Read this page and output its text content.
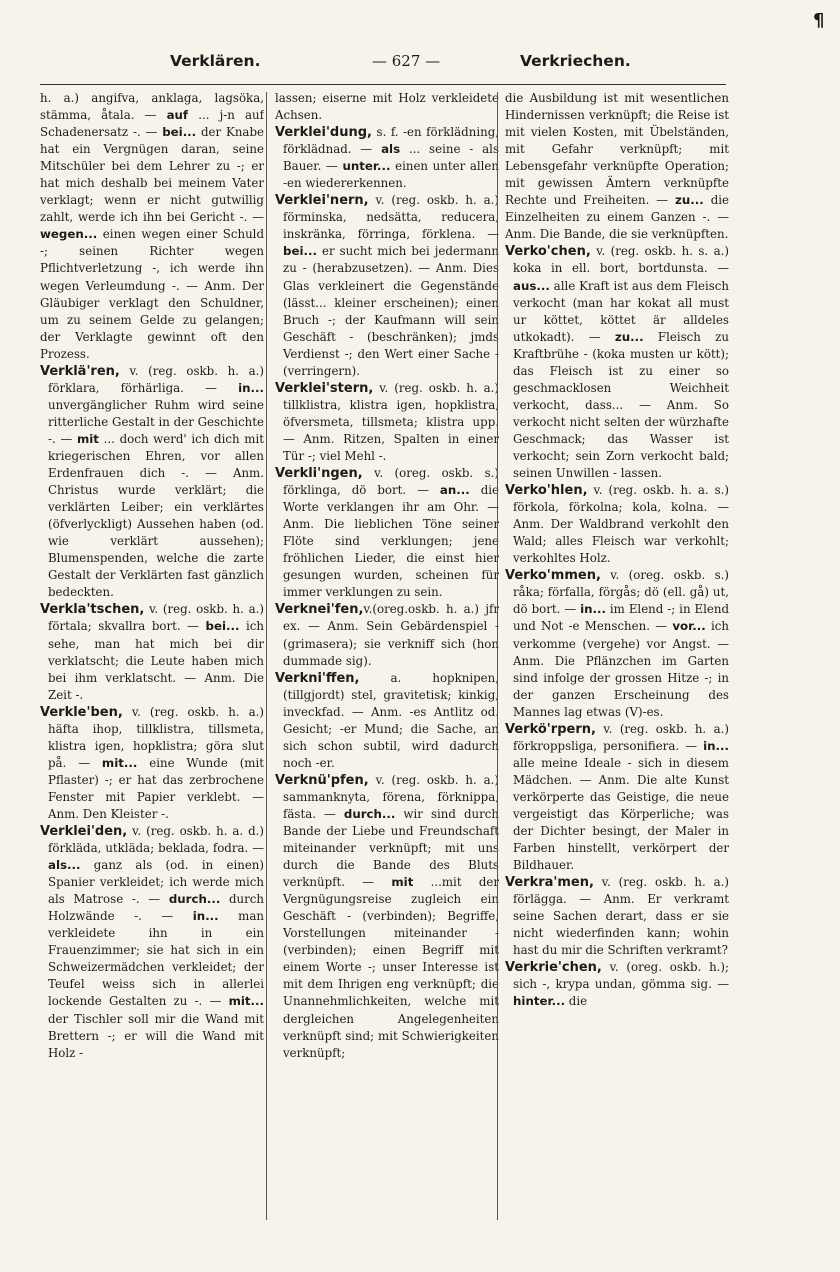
Verklären.	— 627 —	Verkriechen.
¶

h. a.) angifva, anklaga, lagsöka, stämma, åtala. — auf ... j-n auf Schadenersatz -. — bei... der Knabe hat ein Vergnügen daran, seine Mitschüler bei dem Lehrer zu -; er hat mich deshalb bei meinem Vater verklagt; wenn er nicht gutwillig zahlt, werde ich ihn bei Gericht -. — wegen... einen wegen einer Schuld -; seinen Richter wegen Pflichtverletzung -, ich werde ihn wegen Verleumdung -. — Anm. Der Gläubiger verklagt den Schuldner, um zu seinem Gelde zu gelangen; der Verklagte gewinnt oft den Prozess.

Verklä'ren, v. (reg. oskb. h. a.) förklara, förhärliga. — in... unvergänglicher Ruhm wird seine ritterliche Gestalt in der Geschichte -. — mit ... doch werd' ich dich mit kriegerischen Ehren, vor allen Erdenfrauen dich -. — Anm. Christus wurde verklärt; die verklärten Leiber; ein verklärtes (öfverlyckligt) Aussehen haben (od. wie verklärt aussehen); Blumenspenden, welche die zarte Gestalt der Verklärten fast gänzlich bedeckten.

Verkla'tschen, v. (reg. oskb. h. a.) förtala; skvallra bort. — bei... ich sehe, man hat mich bei dir verklatscht; die Leute haben mich bei ihm verklatscht. — Anm. Die Zeit -.

Verkle'ben, v. (reg. oskb. h. a.) häfta ihop, tillklistra, tillsmeta, klistra igen, hopklistra; göra slut på. — mit... eine Wunde (mit Pflaster) -; er hat das zerbrochene Fenster mit Papier verklebt. — Anm. Den Kleister -.

Verklei'den, v. (reg. oskb. h. a. d.) förkläda, utkläda; beklada, fodra. — als... ganz als (od. in einen) Spanier verkleidet; ich werde mich als Matrose -. — durch... durch Holzwände -. — in... man verkleidete ihn in ein Frauenzimmer; sie hat sich in ein Schweizermädchen verkleidet; der Teufel weiss sich in allerlei lockende Gestalten zu -. — mit... der Tischler soll mir die Wand mit Brettern -; er will die Wand mit Holz -

lassen; eiserne mit Holz verkleidete Achsen.

Verklei'dung, s. f. -en förklädning, förklädnad. — als ... seine - als Bauer. — unter... einen unter allen -en wiedererkennen.

Verklei'nern, v. (reg. oskb. h. a.) förminska, nedsätta, reducera, inskränka, förringa, förklena. — bei... er sucht mich bei jedermann zu - (herabzusetzen). — Anm. Dies Glas verkleinert die Gegenstände (lässt... kleiner erscheinen); einen Bruch -; der Kaufmann will sein Geschäft - (beschränken); jmds Verdienst -; den Wert einer Sache - (verringern).

Verklei'stern, v. (reg. oskb. h. a.) tillklistra, klistra igen, hopklistra, öfversmeta, tillsmeta; klistra upp. — Anm. Ritzen, Spalten in einer Tür -; viel Mehl -.

Verkli'ngen, v. (oreg. oskb. s.) förklinga, dö bort. — an... die Worte verklangen ihr am Ohr. —Anm. Die lieblichen Töne seiner Flöte sind verklungen; jene fröhlichen Lieder, die einst hier gesungen wurden, scheinen für immer verklungen zu sein.

Verknei'fen,v.(oreg.oskb. h. a.) jfr ex. — Anm. Sein Gebärdenspiel - (grimasera); sie verkniff sich (hon dummade sig).

Verkni'ffen, a. hopknipen, (tillgjordt) stel, gravitetisk; kinkig, inveckfad. — Anm. -es Antlitz od. Gesicht; -er Mund; die Sache, an sich schon subtil, wird dadurch noch -er.

Verknü'pfen, v. (reg. oskb. h. a.) sammanknyta, förena, förknippa, fästa. — durch... wir sind durch Bande der Liebe und Freundschaft miteinander verknüpft; mit uns durch die Bande des Bluts verknüpft. — mit ...mit der Vergnügungsreise zugleich ein Geschäft - (verbinden); Begriffe, Vorstellungen miteinander - (verbinden); einen Begriff mit einem Worte -; unser Interesse ist mit dem Ihrigen eng verknüpft; die Unannehmlichkeiten, welche mit dergleichen Angelegenheiten verknüpft sind; mit Schwierigkeiten verknüpft;

die Ausbildung ist mit wesentlichen Hindernissen verknüpft; die Reise ist mit vielen Kosten, mit Übelständen, mit Gefahr verknüpft; mit Lebensgefahr verknüpfte Operation; mit gewissen Ämtern verknüpfte Rechte und Freiheiten. — zu... die Einzelheiten zu einem Ganzen -. — Anm. Die Bande, die sie verknüpften.

Verko'chen, v. (reg. oskb. h. s. a.) koka in ell. bort, bortdunsta. — aus... alle Kraft ist aus dem Fleisch verkocht (man har kokat all must ur köttet, köttet är alldeles utkokadt). — zu... Fleisch zu Kraftbrühe - (koka musten ur kött); das Fleisch ist zu einer so geschmacklosen Weichheit verkocht, dass... — Anm. So verkocht nicht selten der würzhafte Geschmack; das Wasser ist verkocht; sein Zorn verkocht bald; seinen Unwillen - lassen.

Verko'hlen, v. (reg. oskb. h. a. s.) förkola, förkolna; kola, kolna. — Anm. Der Waldbrand verkohlt den Wald; alles Fleisch war verkohlt; verkohltes Holz.

Verko'mmen, v. (oreg. oskb. s.) råka; förfalla, förgås; dö (ell. gå) ut, dö bort. — in... im Elend -; in Elend und Not -e Menschen. — vor... ich verkomme (vergehe) vor Angst. — Anm. Die Pflänzchen im Garten sind infolge der grossen Hitze -; in der ganzen Erscheinung des Mannes lag etwas (V)-es.

Verkö'rpern, v. (reg. oskb. h. a.) förkroppsliga, personifiera. — in... alle meine Ideale - sich in diesem Mädchen. — Anm. Die alte Kunst verkörperte das Geistige, die neue vergeistigt das Körperliche; was der Dichter besingt, der Maler in Farben hinstellt, verkörpert der Bildhauer.

Verkra'men, v. (reg. oskb. h. a.) förlägga. — Anm. Er verkramt seine Sachen derart, dass er sie nicht wiederfinden kann; wohin hast du mir die Schriften verkramt?

Verkrie'chen, v. (oreg. oskb. h.); sich -, krypa undan, gömma sig. — hinter... die
